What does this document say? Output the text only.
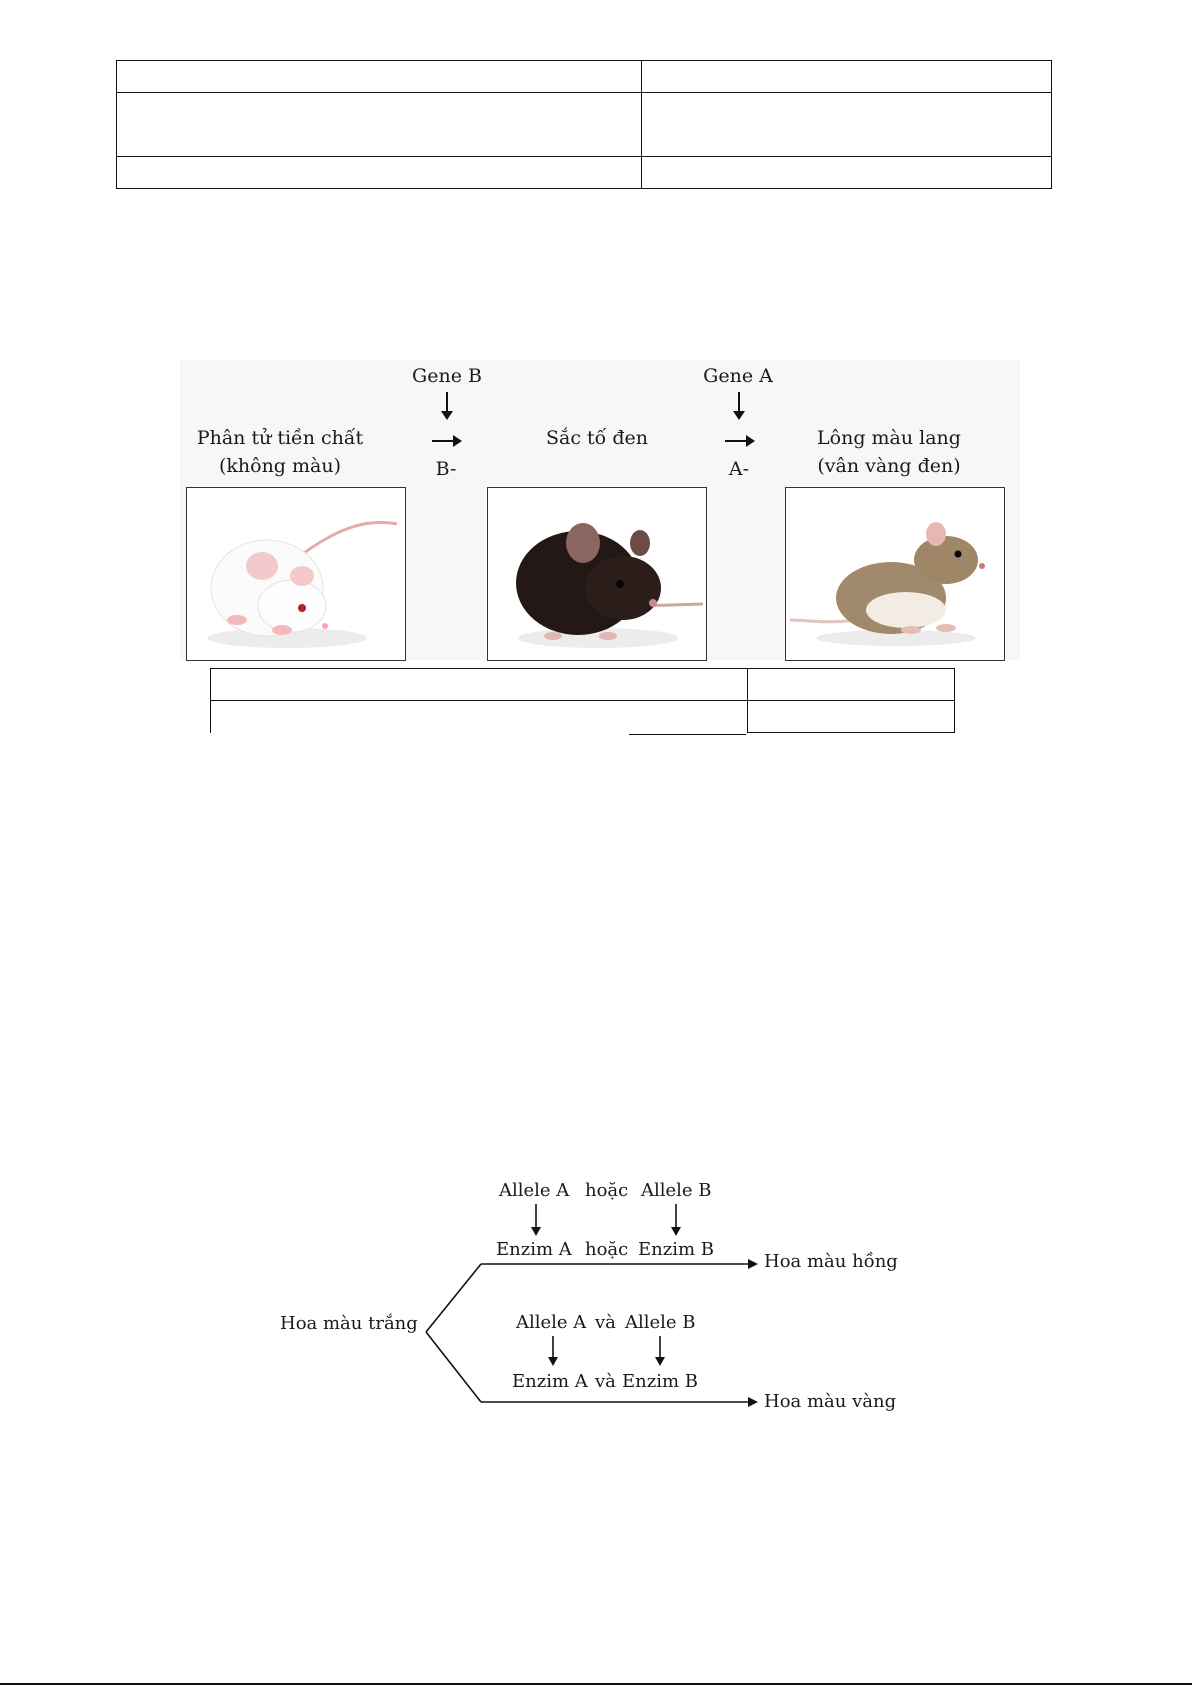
Gene B	Gene A
Phân tử tiền chất
(không màu)	B-
Sắc tố đen
A-
Lông màu lang
(vân vàng đen)

Allele A hoặc Allele B
Enzim A hoặc Enzim B
Hoa màu hồng
Hoa màu trắng	Allele A và Allele B
Enzim A và Enzim B
Hoa màu vàng
